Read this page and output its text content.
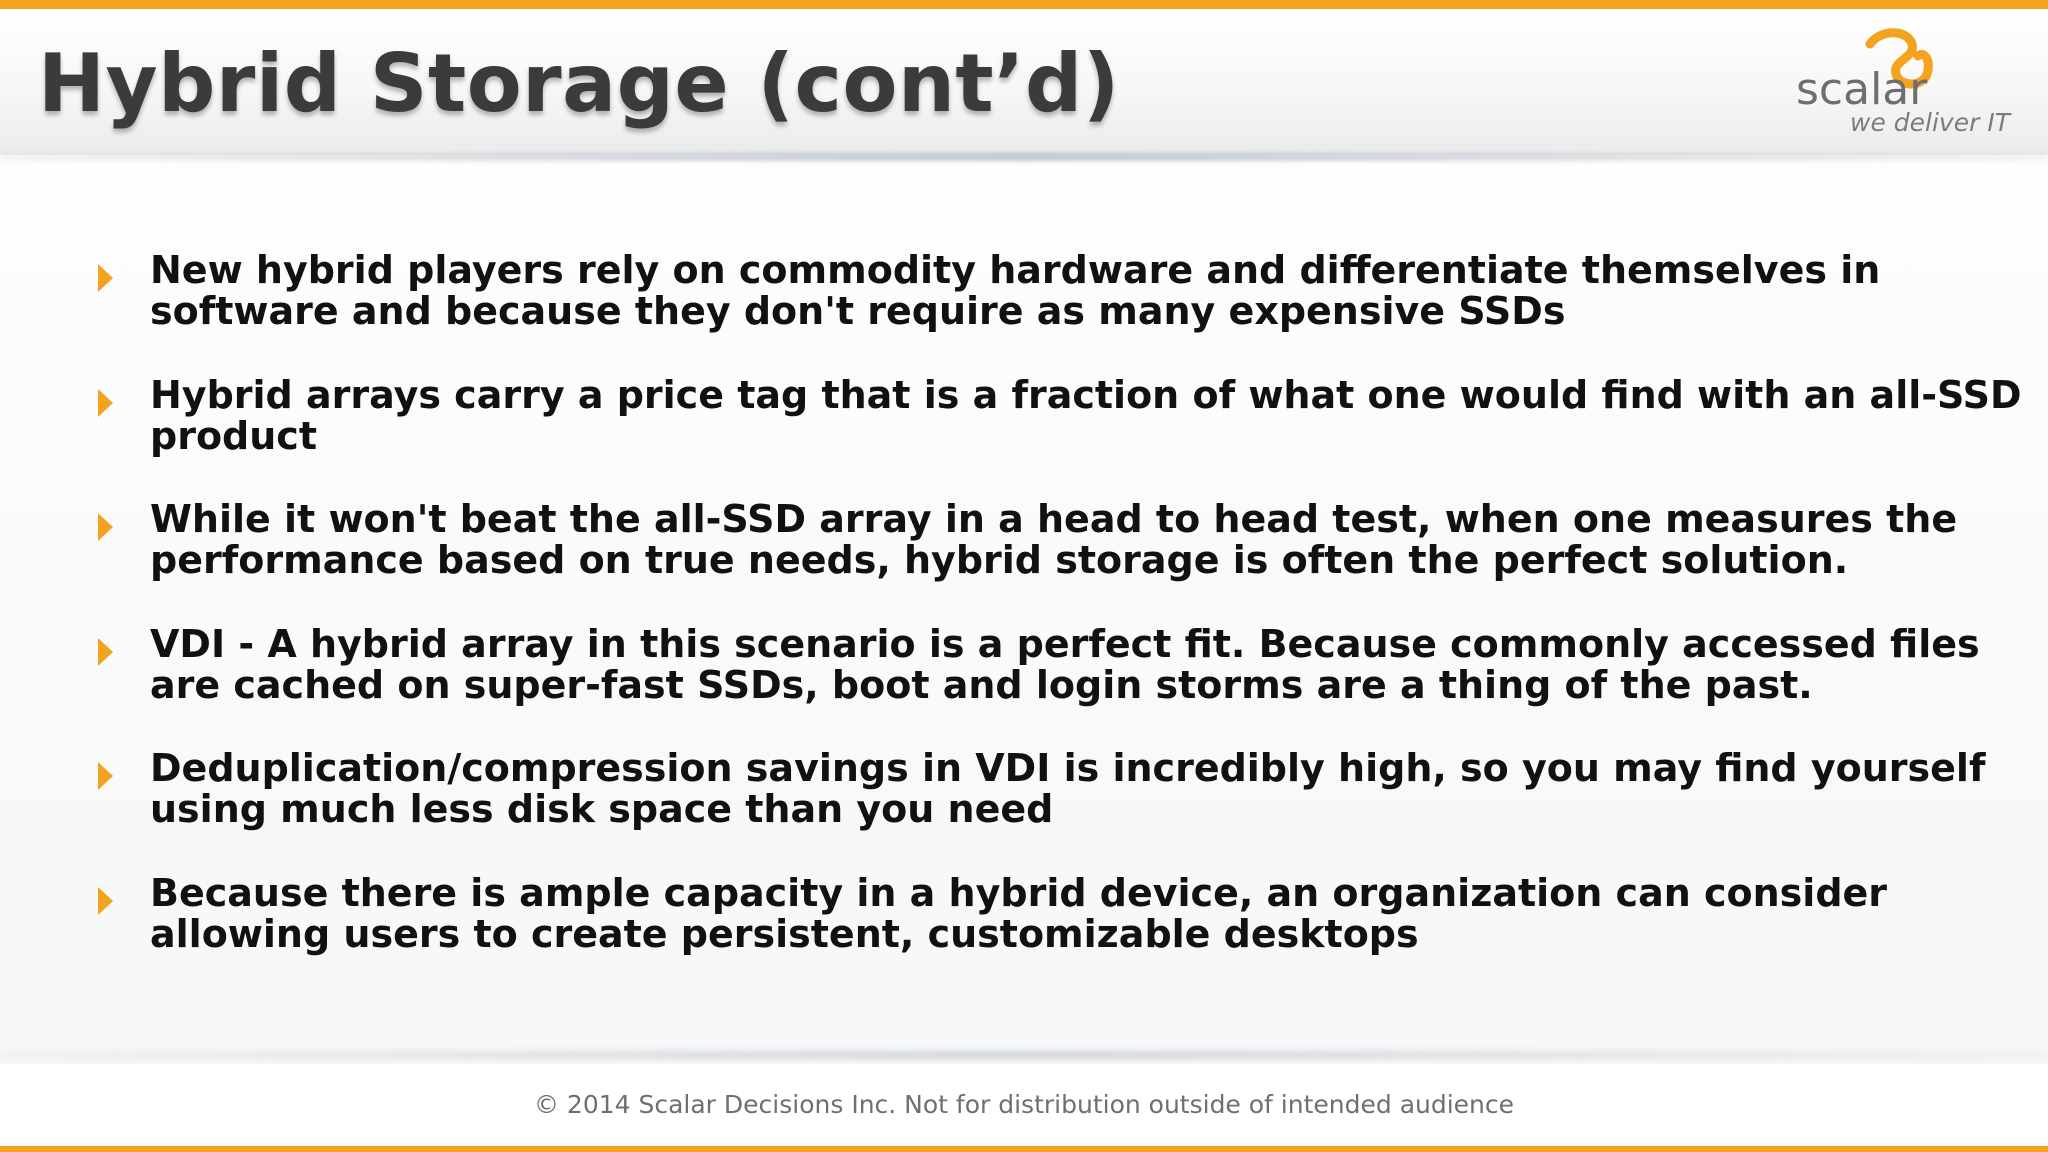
Hybrid Storage (cont’d)	scalar
we deliver IT
New hybrid players rely on commodity hardware and differentiate themselves in software and because they don't require as many expensive SSDs
Hybrid arrays carry a price tag that is a fraction of what one would find with an all-SSD product
While it won't beat the all-SSD array in a head to head test, when one measures the performance based on true needs, hybrid storage is often the perfect solution.
VDI - A hybrid array in this scenario is a perfect fit. Because commonly accessed files are cached on super-fast SSDs, boot and login storms are a thing of the past.
Deduplication/compression savings in VDI is incredibly high, so you may find yourself using much less disk space than you need
Because there is ample capacity in a hybrid device, an organization can consider allowing users to create persistent, customizable desktops
© 2014 Scalar Decisions Inc. Not for distribution outside of intended audience
